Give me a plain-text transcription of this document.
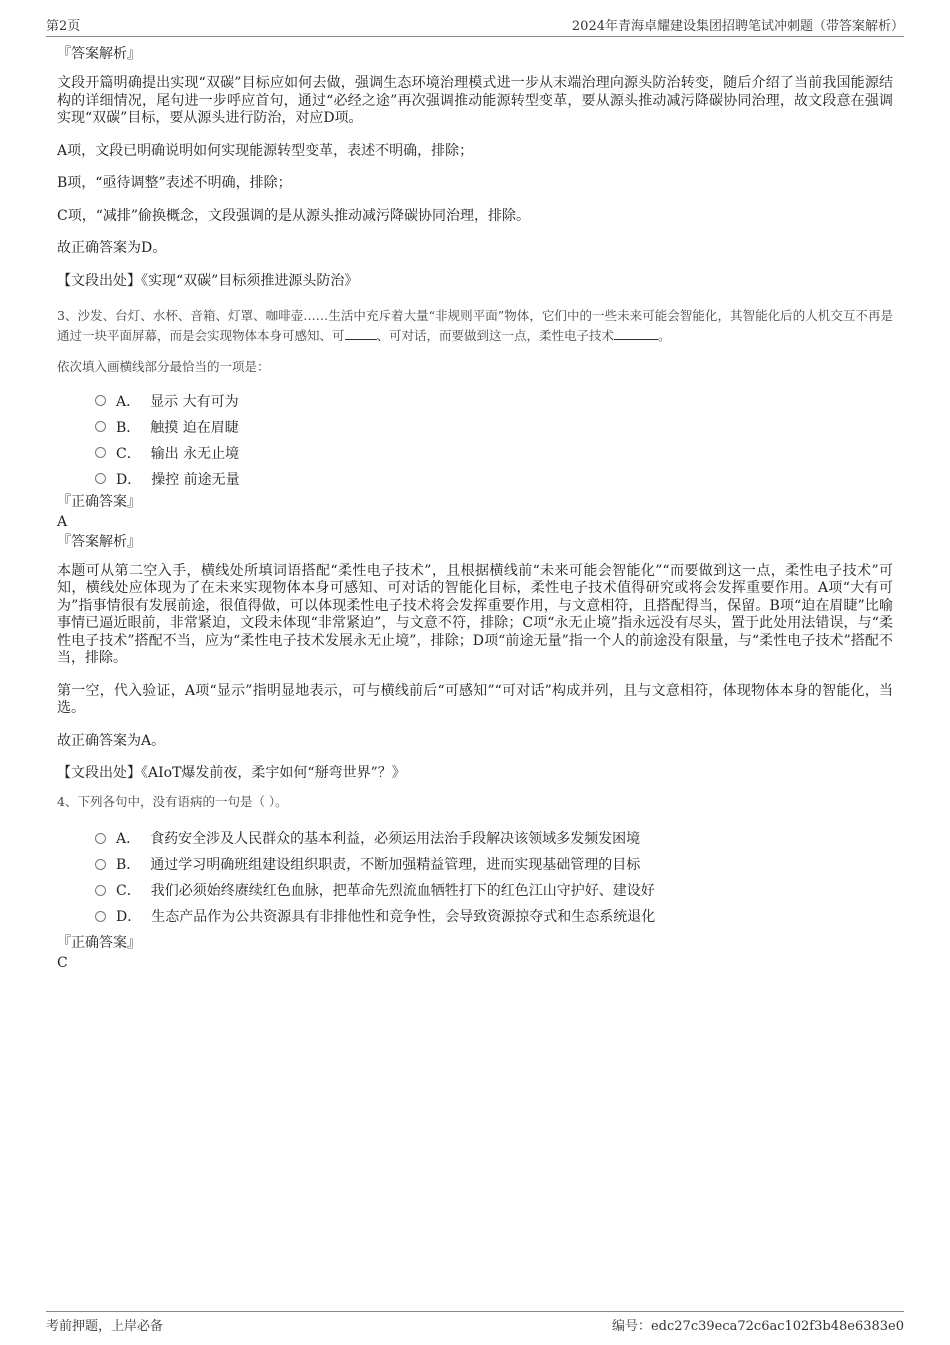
第2页	2024年青海卓耀建设集团招聘笔试冲刺题（带答案解析）

『答案解析』

文段开篇明确提出实现“双碳”目标应如何去做，强调生态环境治理模式进一步从末端治理向源头防治转变，随后介绍了当前我国能源结构的详细情况，尾句进一步呼应首句，通过“必经之途”再次强调推动能源转型变革，要从源头推动减污降碳协同治理，故文段意在强调实现“双碳”目标，要从源头进行防治，对应D项。

A项，文段已明确说明如何实现能源转型变革，表述不明确，排除；

B项，“亟待调整”表述不明确，排除；

C项，“减排”偷换概念，文段强调的是从源头推动减污降碳协同治理，排除。

故正确答案为D。

【文段出处】《实现“双碳”目标须推进源头防治》

3、沙发、台灯、水杯、音箱、灯罩、咖啡壶……生活中充斥着大量“非规则平面”物体，它们中的一些未来可能会智能化，其智能化后的人机交互不再是通过一块平面屏幕，而是会实现物体本身可感知、可	、可对话，而要做到这一点，柔性电子技术	。

依次填入画横线部分最恰当的一项是：

A． 显示 大有可为
B． 触摸 迫在眉睫
C． 输出 永无止境
D． 操控 前途无量

『正确答案』

A

『答案解析』

本题可从第二空入手，横线处所填词语搭配“柔性电子技术”，且根据横线前“未来可能会智能化”“而要做到这一点，柔性电子技术”可知，横线处应体现为了在未来实现物体本身可感知、可对话的智能化目标，柔性电子技术值得研究或将会发挥重要作用。A项“大有可为”指事情很有发展前途，很值得做，可以体现柔性电子技术将会发挥重要作用，与文意相符，且搭配得当，保留。B项“迫在眉睫”比喻事情已逼近眼前，非常紧迫，文段未体现“非常紧迫”，与文意不符，排除；C项“永无止境”指永远没有尽头，置于此处用法错误，与“柔性电子技术”搭配不当，应为“柔性电子技术发展永无止境”，排除；D项“前途无量”指一个人的前途没有限量，与“柔性电子技术”搭配不当，排除。

第一空，代入验证，A项“显示”指明显地表示，可与横线前后“可感知”“可对话”构成并列，且与文意相符，体现物体本身的智能化，当选。

故正确答案为A。

【文段出处】《AIoT爆发前夜，柔宇如何“掰弯世界”？》

4、下列各句中，没有语病的一句是（ ）。

A． 食药安全涉及人民群众的基本利益，必须运用法治手段解决该领域多发频发困境
B． 通过学习明确班组建设组织职责，不断加强精益管理，进而实现基础管理的目标
C． 我们必须始终赓续红色血脉，把革命先烈流血牺牲打下的红色江山守护好、建设好
D． 生态产品作为公共资源具有非排他性和竞争性，会导致资源掠夺式和生态系统退化

『正确答案』

C

考前押题，上岸必备	编号：edc27c39eca72c6ac102f3b48e6383e0
